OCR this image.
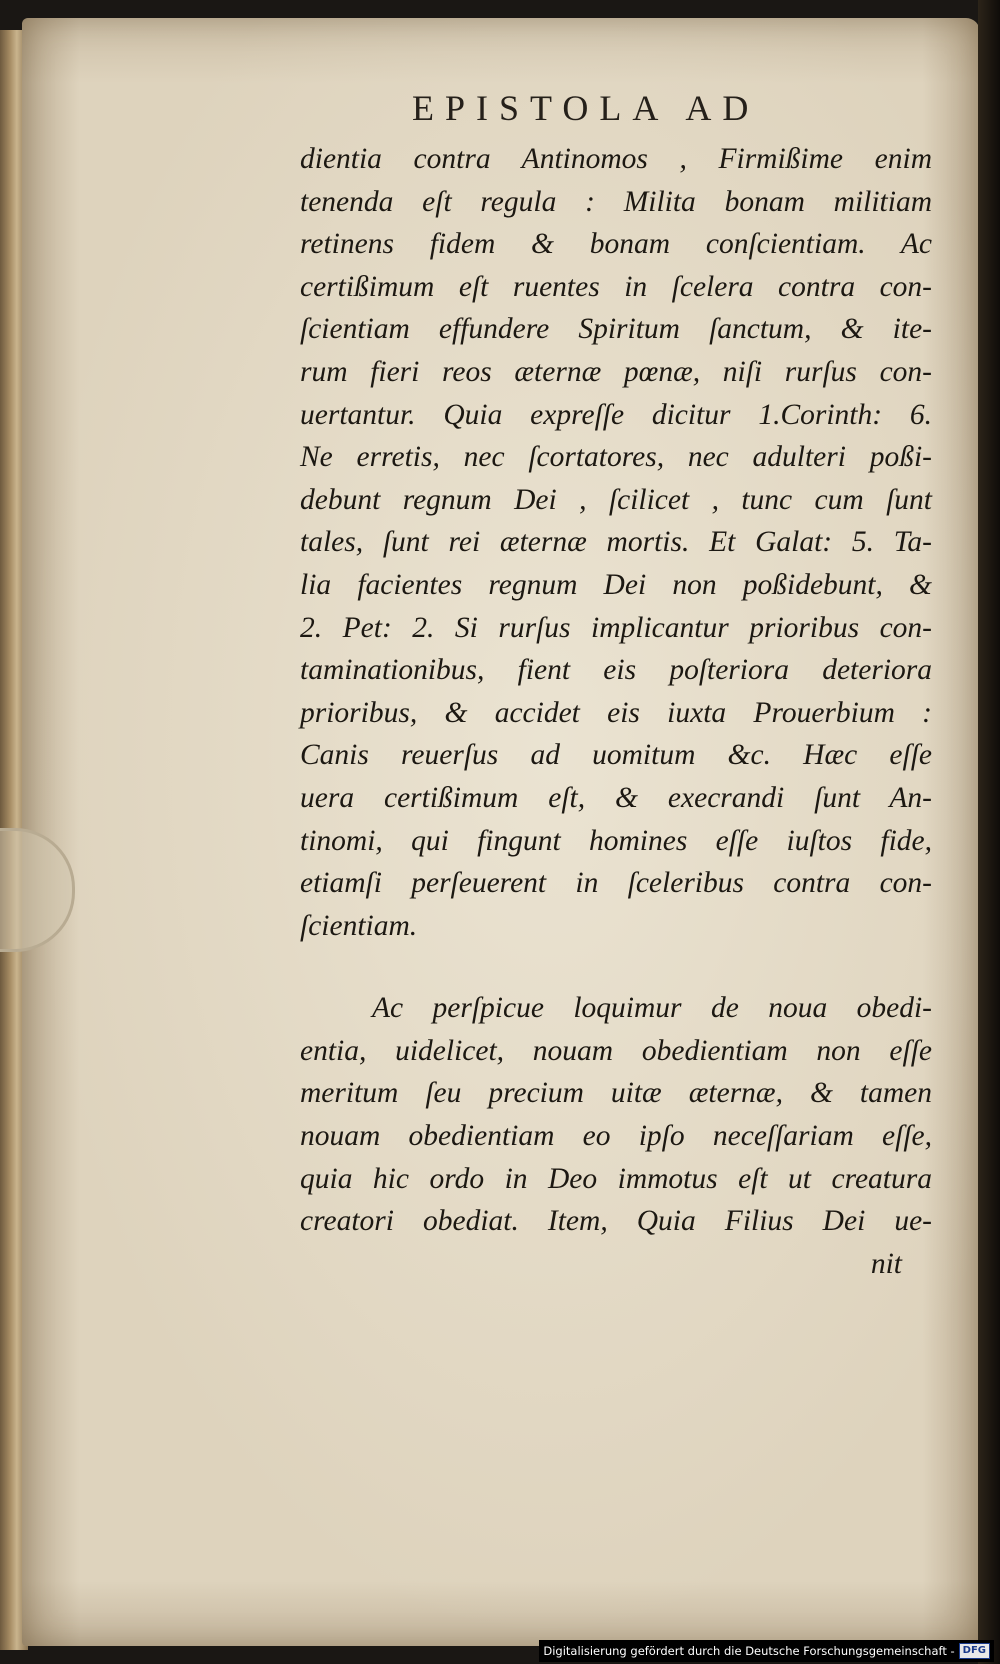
EPISTOLA AD
dientia contra Antinomos , Firmißime enim
tenenda eſt regula : Milita bonam militiam
retinens fidem & bonam conſcientiam. Ac
certißimum eſt ruentes in ſcelera contra con-
ſcientiam effundere Spiritum ſanctum, & ite-
rum fieri reos æternæ pœnæ, niſi rurſus con-
uertantur. Quia expreſſe dicitur 1.Corinth: 6.
Ne erretis, nec ſcortatores, nec adulteri poßi-
debunt regnum Dei , ſcilicet , tunc cum ſunt
tales, ſunt rei æternæ mortis. Et Galat: 5. Ta-
lia facientes regnum Dei non poßidebunt, &
2. Pet: 2. Si rurſus implicantur prioribus con-
taminationibus, fient eis poſteriora deteriora
prioribus, & accidet eis iuxta Prouerbium :
Canis reuerſus ad uomitum &c. Hæc eſſe
uera certißimum eſt, & execrandi ſunt An-
tinomi, qui fingunt homines eſſe iuſtos fide,
etiamſi perſeuerent in ſceleribus contra con-
ſcientiam.
Ac perſpicue loquimur de noua obedi-
entia, uidelicet, nouam obedientiam non eſſe
meritum ſeu precium uitæ æternæ, & tamen
nouam obedientiam eo ipſo neceſſariam eſſe,
quia hic ordo in Deo immotus eſt ut creatura
creatori obediat. Item, Quia Filius Dei ue-
nit
Digitalisierung gefördert durch die Deutsche Forschungsgemeinschaft - DFG
